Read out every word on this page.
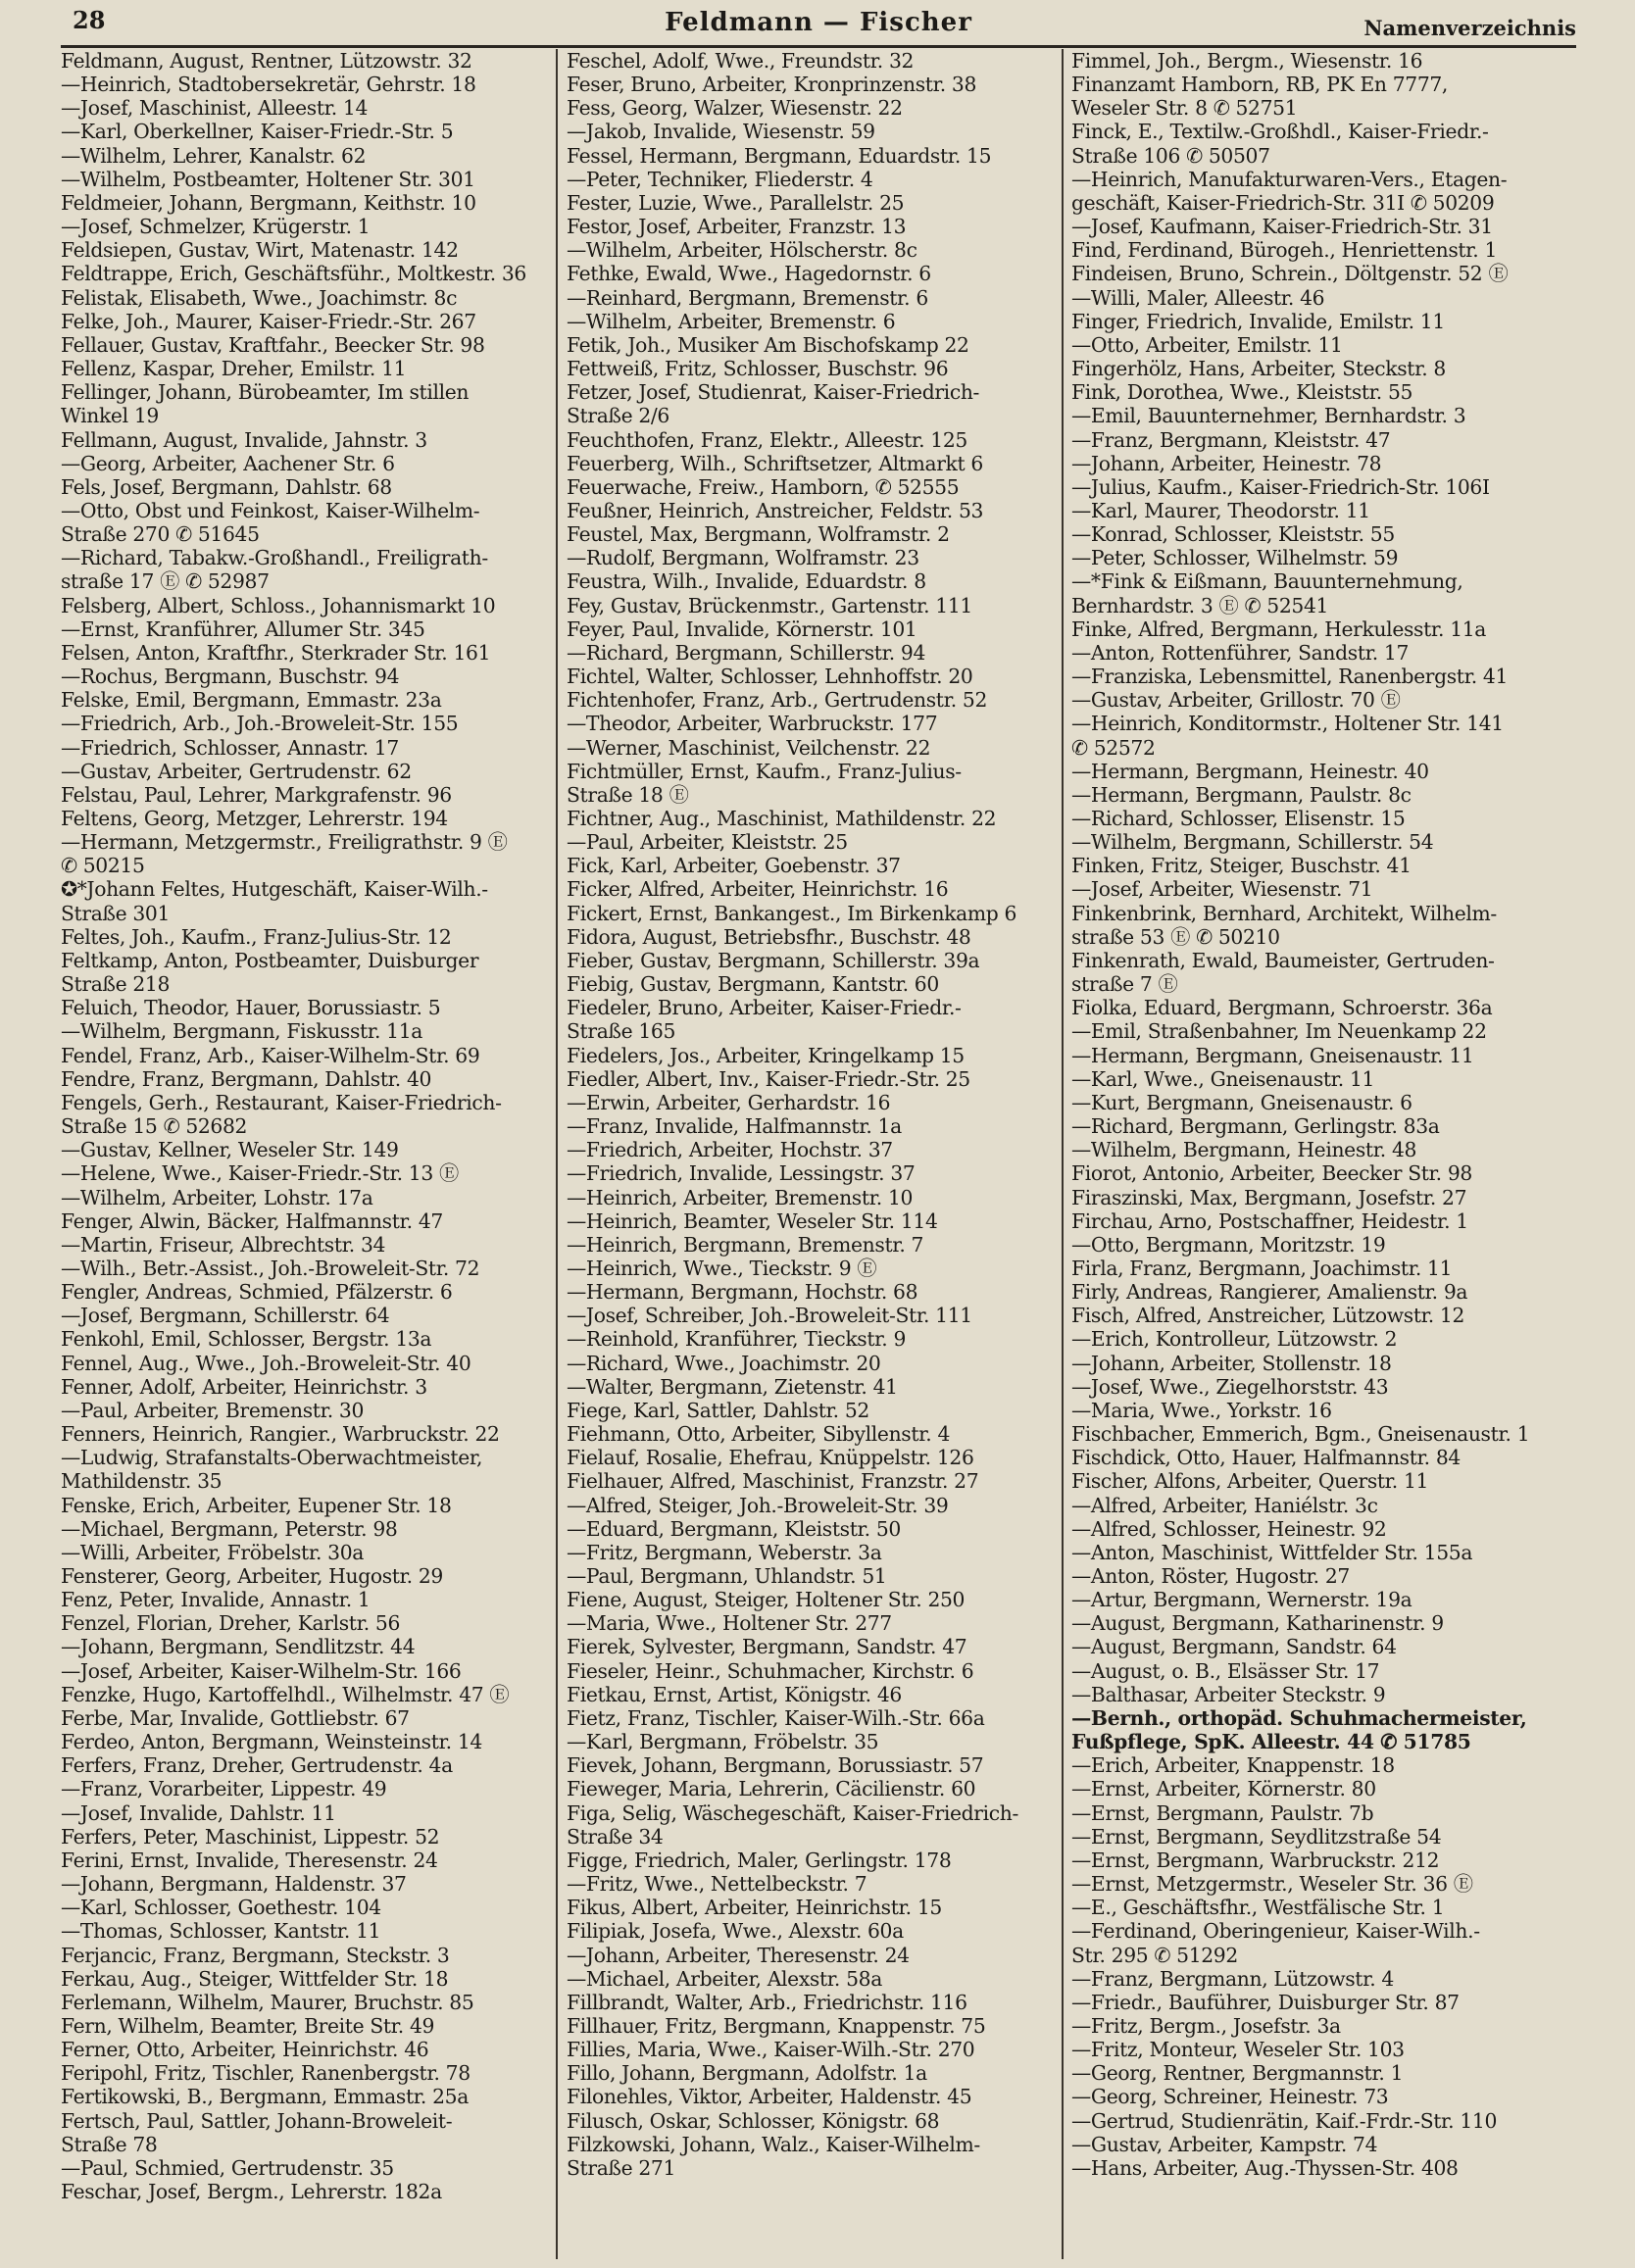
28	Feldmann — Fischer	Namenverzeichnis
Feldmann, August, Rentner, Lützowstr. 32
—Heinrich, Stadtobersekretär, Gehrstr. 18
—Josef, Maschinist, Alleestr. 14
—Karl, Oberkellner, Kaiser-Friedr.-Str. 5
—Wilhelm, Lehrer, Kanalstr. 62
—Wilhelm, Postbeamter, Holtener Str. 301
Feldmeier, Johann, Bergmann, Keithstr. 10
—Josef, Schmelzer, Krügerstr. 1
Feldsiepen, Gustav, Wirt, Matenastr. 142
Feldtrappe, Erich, Geschäftsführ., Moltkestr. 36
Felistak, Elisabeth, Wwe., Joachimstr. 8c
Felke, Joh., Maurer, Kaiser-Friedr.-Str. 267
Fellauer, Gustav, Kraftfahr., Beecker Str. 98
Fellenz, Kaspar, Dreher, Emilstr. 11
Fellinger, Johann, Bürobeamter, Im stillen
Winkel 19
Fellmann, August, Invalide, Jahnstr. 3
—Georg, Arbeiter, Aachener Str. 6
Fels, Josef, Bergmann, Dahlstr. 68
—Otto, Obst und Feinkost, Kaiser-Wilhelm-
Straße 270 ✆ 51645
—Richard, Tabakw.-Großhandl., Freiligrath-
straße 17 Ⓔ ✆ 52987
Felsberg, Albert, Schloss., Johannismarkt 10
—Ernst, Kranführer, Allumer Str. 345
Felsen, Anton, Kraftfhr., Sterkrader Str. 161
—Rochus, Bergmann, Buschstr. 94
Felske, Emil, Bergmann, Emmastr. 23a
—Friedrich, Arb., Joh.-Broweleit-Str. 155
—Friedrich, Schlosser, Annastr. 17
—Gustav, Arbeiter, Gertrudenstr. 62
Felstau, Paul, Lehrer, Markgrafenstr. 96
Feltens, Georg, Metzger, Lehrerstr. 194
—Hermann, Metzgermstr., Freiligrathstr. 9 Ⓔ
✆ 50215
✪*Johann Feltes, Hutgeschäft, Kaiser-Wilh.-
Straße 301
Feltes, Joh., Kaufm., Franz-Julius-Str. 12
Feltkamp, Anton, Postbeamter, Duisburger
Straße 218
Feluich, Theodor, Hauer, Borussiastr. 5
—Wilhelm, Bergmann, Fiskusstr. 11a
Fendel, Franz, Arb., Kaiser-Wilhelm-Str. 69
Fendre, Franz, Bergmann, Dahlstr. 40
Fengels, Gerh., Restaurant, Kaiser-Friedrich-
Straße 15 ✆ 52682
—Gustav, Kellner, Weseler Str. 149
—Helene, Wwe., Kaiser-Friedr.-Str. 13 Ⓔ
—Wilhelm, Arbeiter, Lohstr. 17a
Fenger, Alwin, Bäcker, Halfmannstr. 47
—Martin, Friseur, Albrechtstr. 34
—Wilh., Betr.-Assist., Joh.-Broweleit-Str. 72
Fengler, Andreas, Schmied, Pfälzerstr. 6
—Josef, Bergmann, Schillerstr. 64
Fenkohl, Emil, Schlosser, Bergstr. 13a
Fennel, Aug., Wwe., Joh.-Broweleit-Str. 40
Fenner, Adolf, Arbeiter, Heinrichstr. 3
—Paul, Arbeiter, Bremenstr. 30
Fenners, Heinrich, Rangier., Warbruckstr. 22
—Ludwig, Strafanstalts-Oberwachtmeister,
Mathildenstr. 35
Fenske, Erich, Arbeiter, Eupener Str. 18
—Michael, Bergmann, Peterstr. 98
—Willi, Arbeiter, Fröbelstr. 30a
Fensterer, Georg, Arbeiter, Hugostr. 29
Fenz, Peter, Invalide, Annastr. 1
Fenzel, Florian, Dreher, Karlstr. 56
—Johann, Bergmann, Sendlitzstr. 44
—Josef, Arbeiter, Kaiser-Wilhelm-Str. 166
Fenzke, Hugo, Kartoffelhdl., Wilhelmstr. 47 Ⓔ
Ferbe, Mar, Invalide, Gottliebstr. 67
Ferdeo, Anton, Bergmann, Weinsteinstr. 14
Ferfers, Franz, Dreher, Gertrudenstr. 4a
—Franz, Vorarbeiter, Lippestr. 49
—Josef, Invalide, Dahlstr. 11
Ferfers, Peter, Maschinist, Lippestr. 52
Ferini, Ernst, Invalide, Theresenstr. 24
—Johann, Bergmann, Haldenstr. 37
—Karl, Schlosser, Goethestr. 104
—Thomas, Schlosser, Kantstr. 11
Ferjancic, Franz, Bergmann, Steckstr. 3
Ferkau, Aug., Steiger, Wittfelder Str. 18
Ferlemann, Wilhelm, Maurer, Bruchstr. 85
Fern, Wilhelm, Beamter, Breite Str. 49
Ferner, Otto, Arbeiter, Heinrichstr. 46
Feripohl, Fritz, Tischler, Ranenbergstr. 78
Fertikowski, B., Bergmann, Emmastr. 25a
Fertsch, Paul, Sattler, Johann-Broweleit-
Straße 78
—Paul, Schmied, Gertrudenstr. 35
Feschar, Josef, Bergm., Lehrerstr. 182a
Feschel, Adolf, Wwe., Freundstr. 32
Feser, Bruno, Arbeiter, Kronprinzenstr. 38
Fess, Georg, Walzer, Wiesenstr. 22
—Jakob, Invalide, Wiesenstr. 59
Fessel, Hermann, Bergmann, Eduardstr. 15
—Peter, Techniker, Fliederstr. 4
Fester, Luzie, Wwe., Parallelstr. 25
Festor, Josef, Arbeiter, Franzstr. 13
—Wilhelm, Arbeiter, Hölscherstr. 8c
Fethke, Ewald, Wwe., Hagedornstr. 6
—Reinhard, Bergmann, Bremenstr. 6
—Wilhelm, Arbeiter, Bremenstr. 6
Fetik, Joh., Musiker Am Bischofskamp 22
Fettweiß, Fritz, Schlosser, Buschstr. 96
Fetzer, Josef, Studienrat, Kaiser-Friedrich-
Straße 2/6
Feuchthofen, Franz, Elektr., Alleestr. 125
Feuerberg, Wilh., Schriftsetzer, Altmarkt 6
Feuerwache, Freiw., Hamborn, ✆ 52555
Feußner, Heinrich, Anstreicher, Feldstr. 53
Feustel, Max, Bergmann, Wolframstr. 2
—Rudolf, Bergmann, Wolframstr. 23
Feustra, Wilh., Invalide, Eduardstr. 8
Fey, Gustav, Brückenmstr., Gartenstr. 111
Feyer, Paul, Invalide, Körnerstr. 101
—Richard, Bergmann, Schillerstr. 94
Fichtel, Walter, Schlosser, Lehnhoffstr. 20
Fichtenhofer, Franz, Arb., Gertrudenstr. 52
—Theodor, Arbeiter, Warbruckstr. 177
—Werner, Maschinist, Veilchenstr. 22
Fichtmüller, Ernst, Kaufm., Franz-Julius-
Straße 18 Ⓔ
Fichtner, Aug., Maschinist, Mathildenstr. 22
—Paul, Arbeiter, Kleiststr. 25
Fick, Karl, Arbeiter, Goebenstr. 37
Ficker, Alfred, Arbeiter, Heinrichstr. 16
Fickert, Ernst, Bankangest., Im Birkenkamp 6
Fidora, August, Betriebsfhr., Buschstr. 48
Fieber, Gustav, Bergmann, Schillerstr. 39a
Fiebig, Gustav, Bergmann, Kantstr. 60
Fiedeler, Bruno, Arbeiter, Kaiser-Friedr.-
Straße 165
Fiedelers, Jos., Arbeiter, Kringelkamp 15
Fiedler, Albert, Inv., Kaiser-Friedr.-Str. 25
—Erwin, Arbeiter, Gerhardstr. 16
—Franz, Invalide, Halfmannstr. 1a
—Friedrich, Arbeiter, Hochstr. 37
—Friedrich, Invalide, Lessingstr. 37
—Heinrich, Arbeiter, Bremenstr. 10
—Heinrich, Beamter, Weseler Str. 114
—Heinrich, Bergmann, Bremenstr. 7
—Heinrich, Wwe., Tieckstr. 9 Ⓔ
—Hermann, Bergmann, Hochstr. 68
—Josef, Schreiber, Joh.-Broweleit-Str. 111
—Reinhold, Kranführer, Tieckstr. 9
—Richard, Wwe., Joachimstr. 20
—Walter, Bergmann, Zietenstr. 41
Fiege, Karl, Sattler, Dahlstr. 52
Fiehmann, Otto, Arbeiter, Sibyllenstr. 4
Fielauf, Rosalie, Ehefrau, Knüppelstr. 126
Fielhauer, Alfred, Maschinist, Franzstr. 27
—Alfred, Steiger, Joh.-Broweleit-Str. 39
—Eduard, Bergmann, Kleiststr. 50
—Fritz, Bergmann, Weberstr. 3a
—Paul, Bergmann, Uhlandstr. 51
Fiene, August, Steiger, Holtener Str. 250
—Maria, Wwe., Holtener Str. 277
Fierek, Sylvester, Bergmann, Sandstr. 47
Fieseler, Heinr., Schuhmacher, Kirchstr. 6
Fietkau, Ernst, Artist, Königstr. 46
Fietz, Franz, Tischler, Kaiser-Wilh.-Str. 66a
—Karl, Bergmann, Fröbelstr. 35
Fievek, Johann, Bergmann, Borussiastr. 57
Fieweger, Maria, Lehrerin, Cäcilienstr. 60
Figa, Selig, Wäschegeschäft, Kaiser-Friedrich-
Straße 34
Figge, Friedrich, Maler, Gerlingstr. 178
—Fritz, Wwe., Nettelbeckstr. 7
Fikus, Albert, Arbeiter, Heinrichstr. 15
Filipiak, Josefa, Wwe., Alexstr. 60a
—Johann, Arbeiter, Theresenstr. 24
—Michael, Arbeiter, Alexstr. 58a
Fillbrandt, Walter, Arb., Friedrichstr. 116
Fillhauer, Fritz, Bergmann, Knappenstr. 75
Fillies, Maria, Wwe., Kaiser-Wilh.-Str. 270
Fillo, Johann, Bergmann, Adolfstr. 1a
Filonehles, Viktor, Arbeiter, Haldenstr. 45
Filusch, Oskar, Schlosser, Königstr. 68
Filzkowski, Johann, Walz., Kaiser-Wilhelm-
Straße 271
Fimmel, Joh., Bergm., Wiesenstr. 16
Finanzamt Hamborn, RB, PK En 7777,
Weseler Str. 8 ✆ 52751
Finck, E., Textilw.-Großhdl., Kaiser-Friedr.-
Straße 106 ✆ 50507
—Heinrich, Manufakturwaren-Vers., Etagen-
geschäft, Kaiser-Friedrich-Str. 31I ✆ 50209
—Josef, Kaufmann, Kaiser-Friedrich-Str. 31
Find, Ferdinand, Bürogeh., Henriettenstr. 1
Findeisen, Bruno, Schrein., Döltgenstr. 52 Ⓔ
—Willi, Maler, Alleestr. 46
Finger, Friedrich, Invalide, Emilstr. 11
—Otto, Arbeiter, Emilstr. 11
Fingerhölz, Hans, Arbeiter, Steckstr. 8
Fink, Dorothea, Wwe., Kleiststr. 55
—Emil, Bauunternehmer, Bernhardstr. 3
—Franz, Bergmann, Kleiststr. 47
—Johann, Arbeiter, Heinestr. 78
—Julius, Kaufm., Kaiser-Friedrich-Str. 106I
—Karl, Maurer, Theodorstr. 11
—Konrad, Schlosser, Kleiststr. 55
—Peter, Schlosser, Wilhelmstr. 59
—*Fink & Eißmann, Bauunternehmung,
Bernhardstr. 3 Ⓔ ✆ 52541
Finke, Alfred, Bergmann, Herkulesstr. 11a
—Anton, Rottenführer, Sandstr. 17
—Franziska, Lebensmittel, Ranenbergstr. 41
—Gustav, Arbeiter, Grillostr. 70 Ⓔ
—Heinrich, Konditormstr., Holtener Str. 141
✆ 52572
—Hermann, Bergmann, Heinestr. 40
—Hermann, Bergmann, Paulstr. 8c
—Richard, Schlosser, Elisenstr. 15
—Wilhelm, Bergmann, Schillerstr. 54
Finken, Fritz, Steiger, Buschstr. 41
—Josef, Arbeiter, Wiesenstr. 71
Finkenbrink, Bernhard, Architekt, Wilhelm-
straße 53 Ⓔ ✆ 50210
Finkenrath, Ewald, Baumeister, Gertruden-
straße 7 Ⓔ
Fiolka, Eduard, Bergmann, Schroerstr. 36a
—Emil, Straßenbahner, Im Neuenkamp 22
—Hermann, Bergmann, Gneisenaustr. 11
—Karl, Wwe., Gneisenaustr. 11
—Kurt, Bergmann, Gneisenaustr. 6
—Richard, Bergmann, Gerlingstr. 83a
—Wilhelm, Bergmann, Heinestr. 48
Fiorot, Antonio, Arbeiter, Beecker Str. 98
Firaszinski, Max, Bergmann, Josefstr. 27
Firchau, Arno, Postschaffner, Heidestr. 1
—Otto, Bergmann, Moritzstr. 19
Firla, Franz, Bergmann, Joachimstr. 11
Firly, Andreas, Rangierer, Amalienstr. 9a
Fisch, Alfred, Anstreicher, Lützowstr. 12
—Erich, Kontrolleur, Lützowstr. 2
—Johann, Arbeiter, Stollenstr. 18
—Josef, Wwe., Ziegelhorststr. 43
—Maria, Wwe., Yorkstr. 16
Fischbacher, Emmerich, Bgm., Gneisenaustr. 1
Fischdick, Otto, Hauer, Halfmannstr. 84
Fischer, Alfons, Arbeiter, Querstr. 11
—Alfred, Arbeiter, Haniélstr. 3c
—Alfred, Schlosser, Heinestr. 92
—Anton, Maschinist, Wittfelder Str. 155a
—Anton, Röster, Hugostr. 27
—Artur, Bergmann, Wernerstr. 19a
—August, Bergmann, Katharinenstr. 9
—August, Bergmann, Sandstr. 64
—August, o. B., Elsässer Str. 17
—Balthasar, Arbeiter Steckstr. 9
—Bernh., orthopäd. Schuhmachermeister,
Fußpflege, SpK. Alleestr. 44 ✆ 51785
—Erich, Arbeiter, Knappenstr. 18
—Ernst, Arbeiter, Körnerstr. 80
—Ernst, Bergmann, Paulstr. 7b
—Ernst, Bergmann, Seydlitzstraße 54
—Ernst, Bergmann, Warbruckstr. 212
—Ernst, Metzgermstr., Weseler Str. 36 Ⓔ
—E., Geschäftsfhr., Westfälische Str. 1
—Ferdinand, Oberingenieur, Kaiser-Wilh.-
Str. 295 ✆ 51292
—Franz, Bergmann, Lützowstr. 4
—Friedr., Bauführer, Duisburger Str. 87
—Fritz, Bergm., Josefstr. 3a
—Fritz, Monteur, Weseler Str. 103
—Georg, Rentner, Bergmannstr. 1
—Georg, Schreiner, Heinestr. 73
—Gertrud, Studienrätin, Kaif.-Frdr.-Str. 110
—Gustav, Arbeiter, Kampstr. 74
—Hans, Arbeiter, Aug.-Thyssen-Str. 408
